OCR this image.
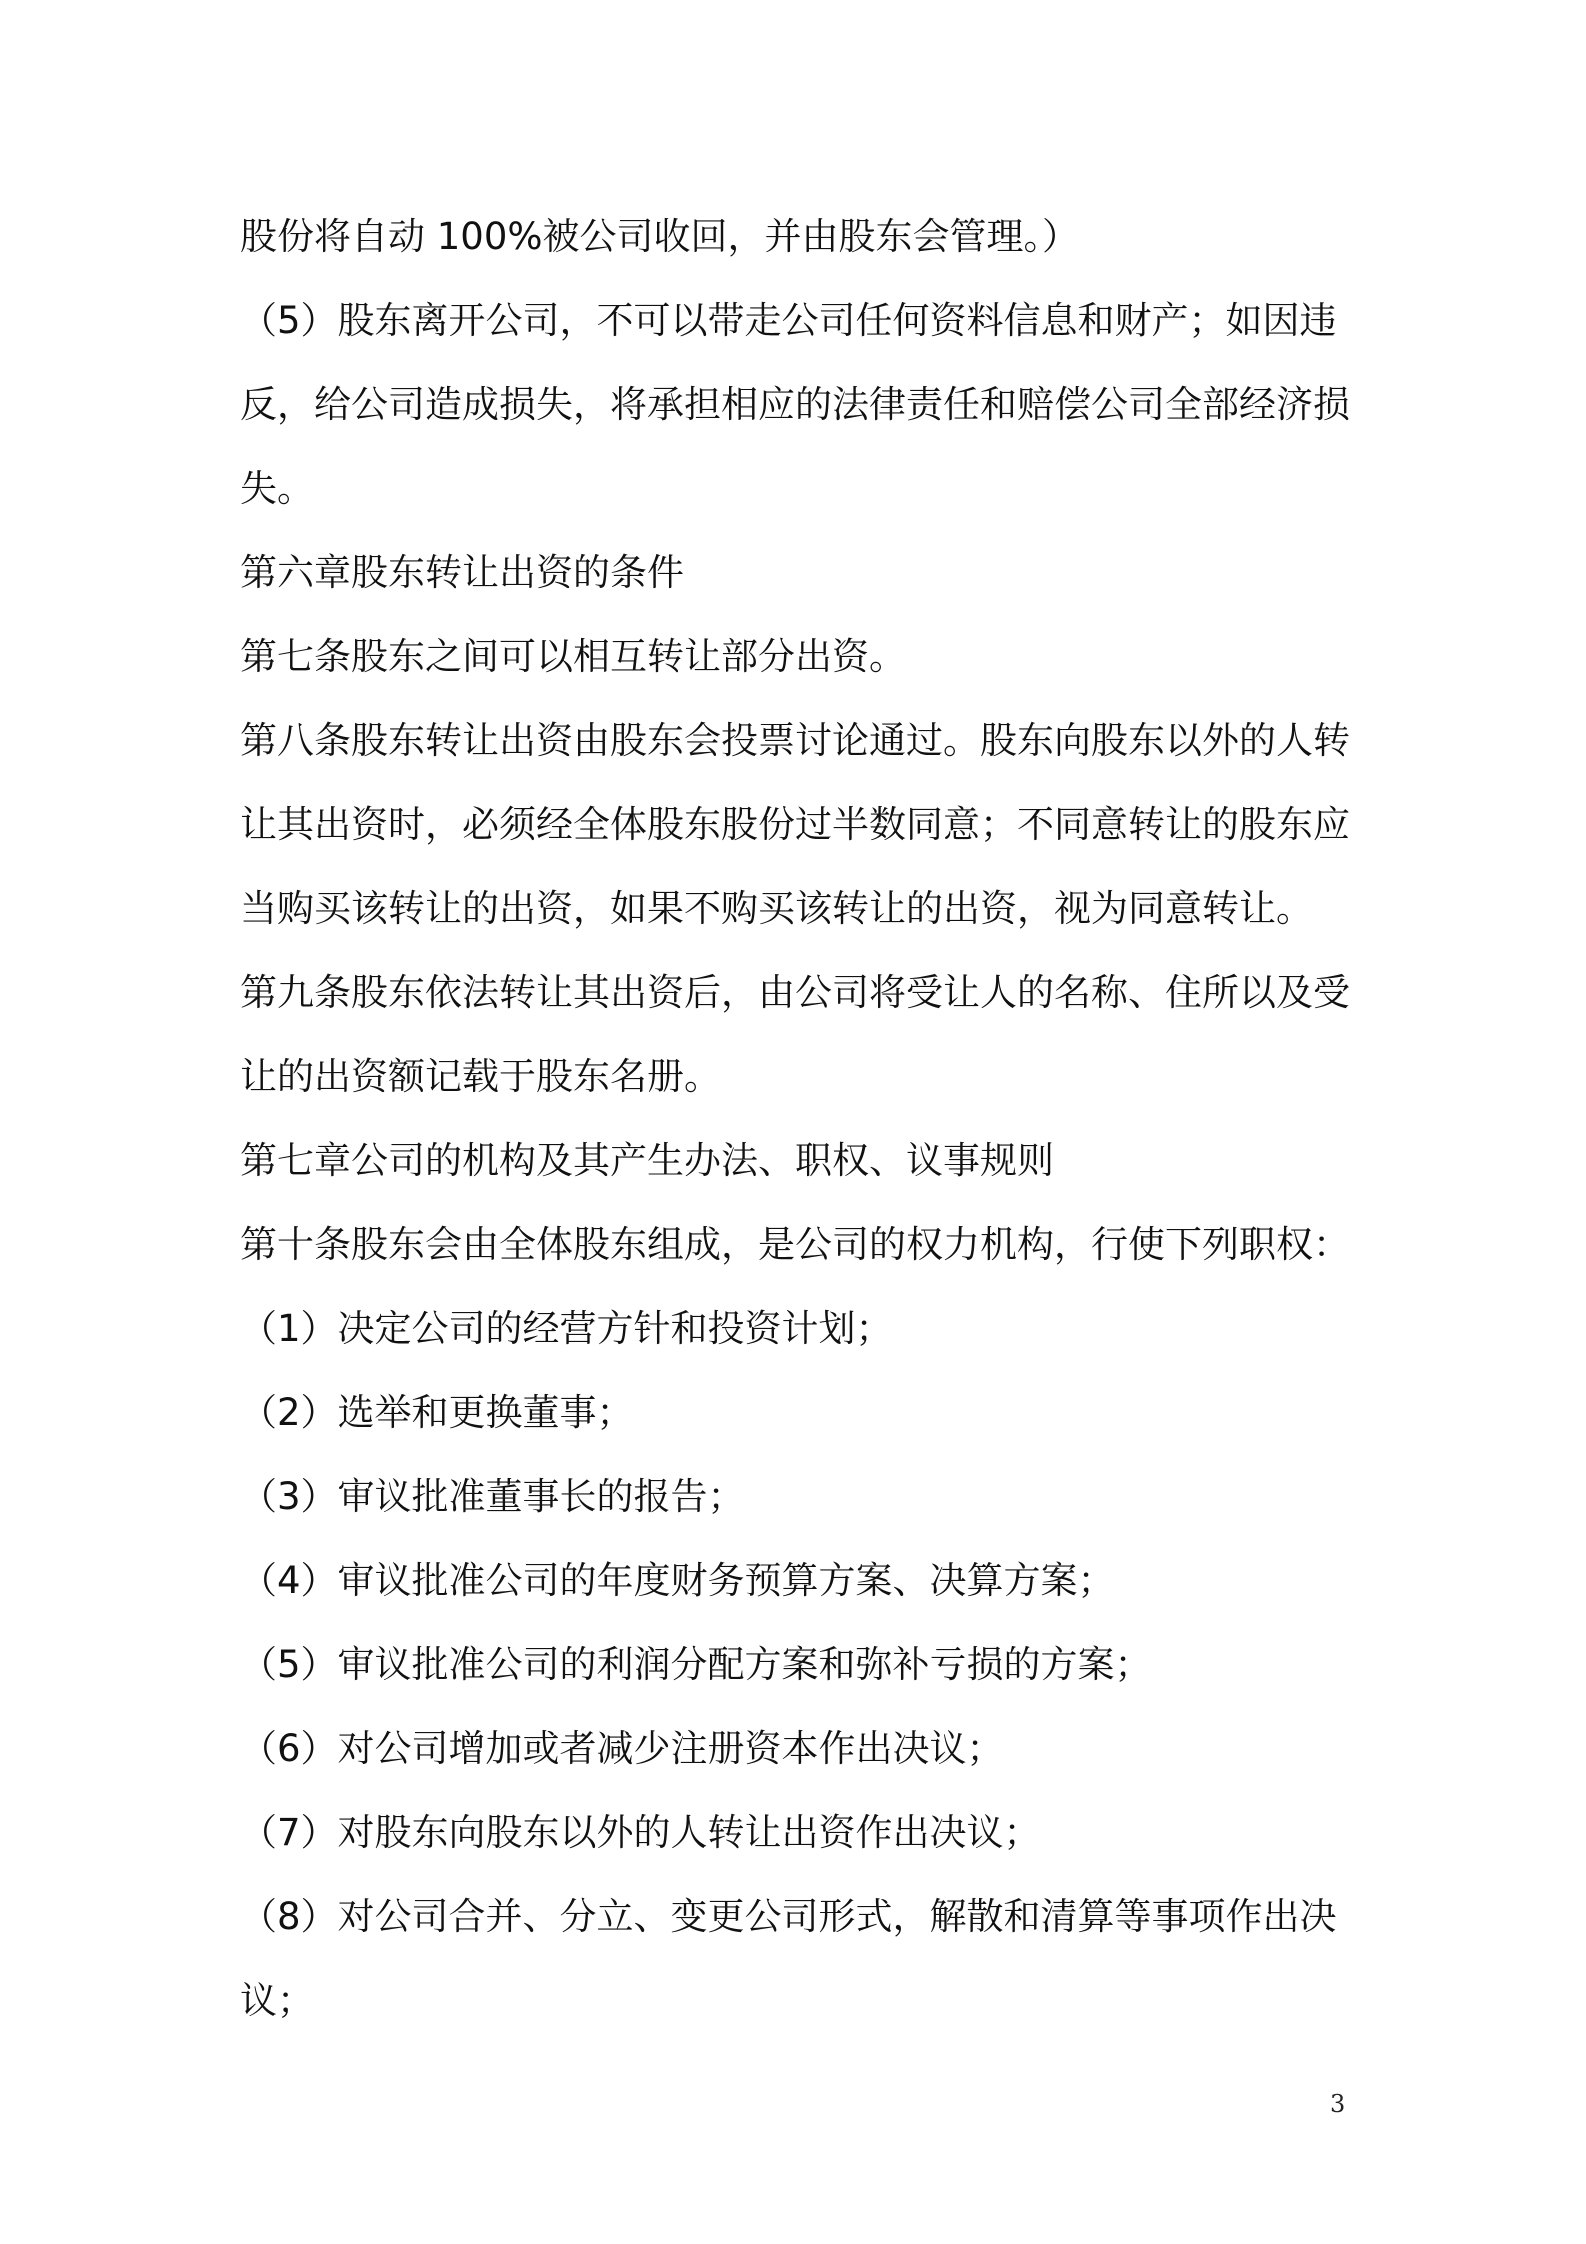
股份将自动 100%被公司收回，并由股东会管理。）
（5）股东离开公司，不可以带走公司任何资料信息和财产；如因违
反，给公司造成损失，将承担相应的法律责任和赔偿公司全部经济损
失。
第六章股东转让出资的条件
第七条股东之间可以相互转让部分出资。
第八条股东转让出资由股东会投票讨论通过。股东向股东以外的人转
让其出资时，必须经全体股东股份过半数同意；不同意转让的股东应
当购买该转让的出资，如果不购买该转让的出资，视为同意转让。
第九条股东依法转让其出资后，由公司将受让人的名称、住所以及受
让的出资额记载于股东名册。
第七章公司的机构及其产生办法、职权、议事规则
第十条股东会由全体股东组成，是公司的权力机构，行使下列职权：
（1）决定公司的经营方针和投资计划；
（2）选举和更换董事；
（3）审议批准董事长的报告；
（4）审议批准公司的年度财务预算方案、决算方案；
（5）审议批准公司的利润分配方案和弥补亏损的方案；
（6）对公司增加或者减少注册资本作出决议；
（7）对股东向股东以外的人转让出资作出决议；
（8）对公司合并、分立、变更公司形式，解散和清算等事项作出决
议；
3
